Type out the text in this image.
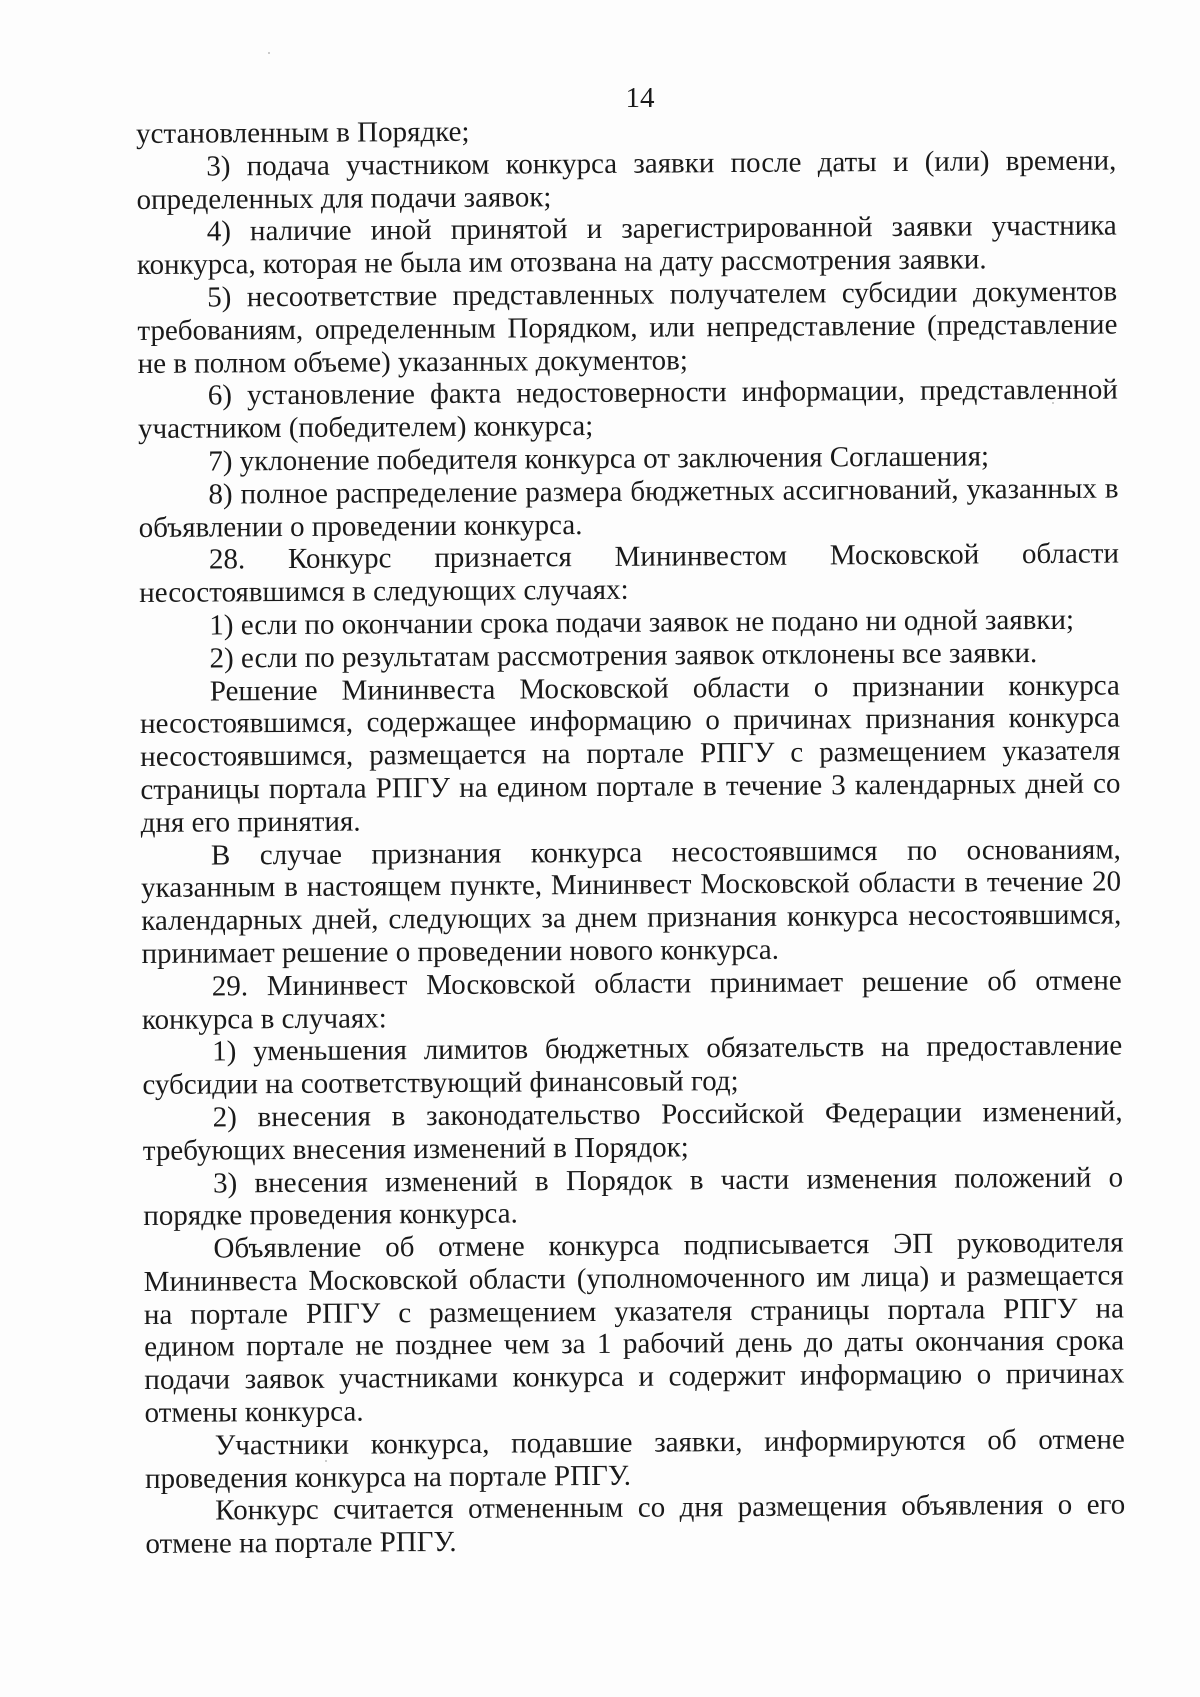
14

установленным в Порядке;

3) подача участником конкурса заявки после даты и (или) времени, определенных для подачи заявок;

4) наличие иной принятой и зарегистрированной заявки участника конкурса, которая не была им отозвана на дату рассмотрения заявки.

5) несоответствие представленных получателем субсидии документов требованиям, определенным Порядком, или непредставление (представление не в полном объеме) указанных документов;

6) установление факта недостоверности информации, представленной участником (победителем) конкурса;

7) уклонение победителя конкурса от заключения Соглашения;

8) полное распределение размера бюджетных ассигнований, указанных в объявлении о проведении конкурса.

28. Конкурс признается Мининвестом Московской области несостоявшимся в следующих случаях:

1) если по окончании срока подачи заявок не подано ни одной заявки;

2) если по результатам рассмотрения заявок отклонены все заявки.

Решение Мининвеста Московской области о признании конкурса несостоявшимся, содержащее информацию о причинах признания конкурса несостоявшимся, размещается на портале РПГУ с размещением указателя страницы портала РПГУ на едином портале в течение 3 календарных дней со дня его принятия.

В случае признания конкурса несостоявшимся по основаниям, указанным в настоящем пункте, Мининвест Московской области в течение 20 календарных дней, следующих за днем признания конкурса несостоявшимся, принимает решение о проведении нового конкурса.

29. Мининвест Московской области принимает решение об отмене конкурса в случаях:

1) уменьшения лимитов бюджетных обязательств на предоставление субсидии на соответствующий финансовый год;

2) внесения в законодательство Российской Федерации изменений, требующих внесения изменений в Порядок;

3) внесения изменений в Порядок в части изменения положений о порядке проведения конкурса.

Объявление об отмене конкурса подписывается ЭП руководителя Мининвеста Московской области (уполномоченного им лица) и размещается на портале РПГУ с размещением указателя страницы портала РПГУ на едином портале не позднее чем за 1 рабочий день до даты окончания срока подачи заявок участниками конкурса и содержит информацию о причинах отмены конкурса.

Участники конкурса, подавшие заявки, информируются об отмене проведения конкурса на портале РПГУ.

Конкурс считается отмененным со дня размещения объявления о его отмене на портале РПГУ.
